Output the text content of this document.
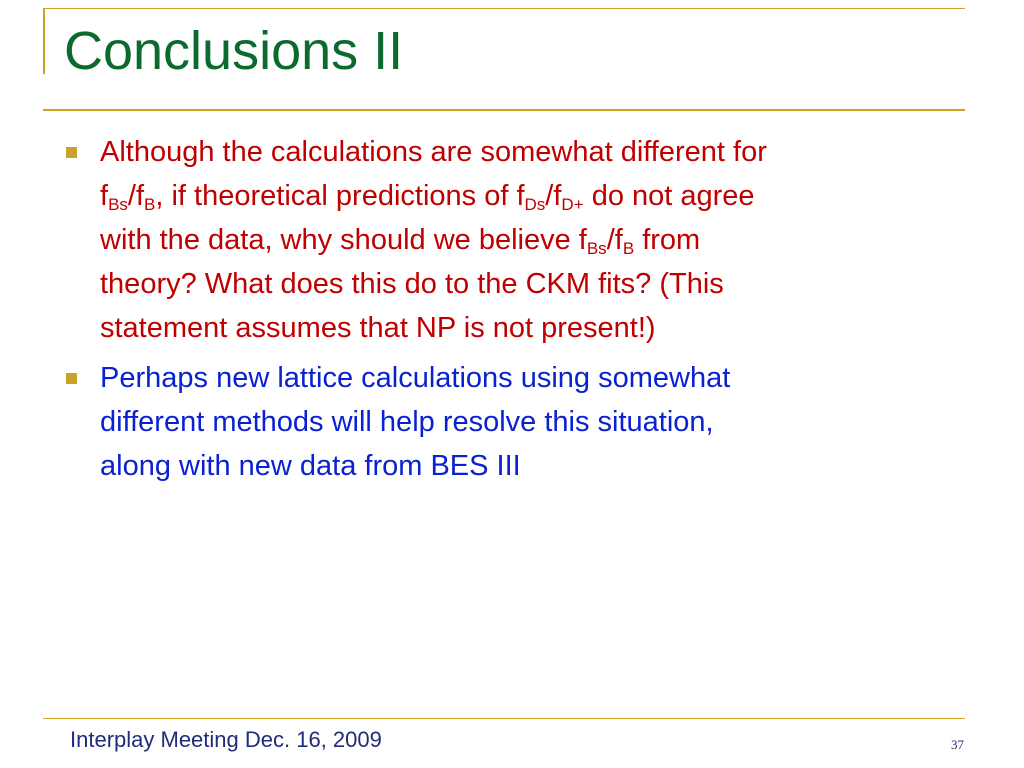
Conclusions II
Although the calculations are somewhat different for
$f_{Bs}/f_B$, if theoretical predictions of $f_{Ds}/f_{D+}$ do not agree
with the data, why should we believe $f_{Bs}/f_B$ from
theory? What does this do to the CKM fits? (This
statement assumes that NP is not present!)
Perhaps new lattice calculations using somewhat
different methods will help resolve this situation,
along with new data from BES III
Interplay Meeting Dec. 16, 2009	37
